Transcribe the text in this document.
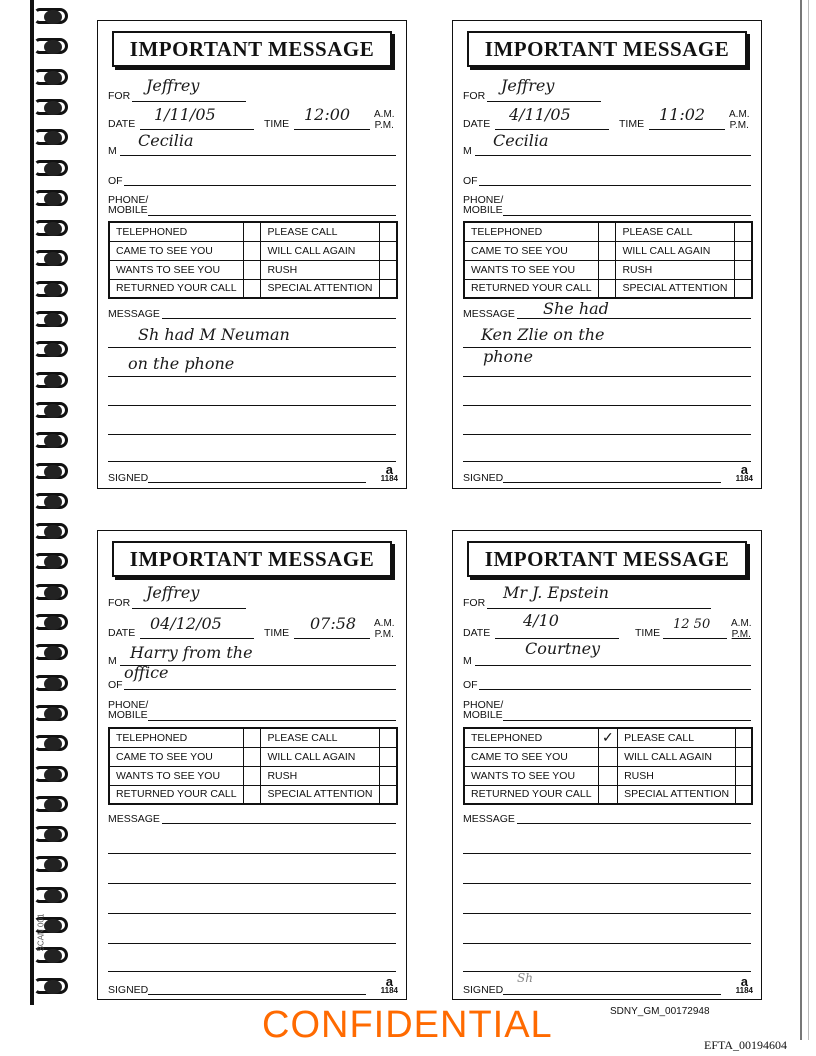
SCAN 001
IMPORTANT MESSAGE
FOR
Jeffrey
DATE 1/11/05	TIME 12:00 A.M.
P.M.
M
Cecilia
OF
PHONE/
MOBILE
TELEPHONED		PLEASE CALL	
CAME TO SEE YOU		WILL CALL AGAIN	
WANTS TO SEE YOU		RUSH	
RETURNED YOUR CALL		SPECIAL ATTENTION	
MESSAGE
Sh had M Neuman
on the phone
SIGNED
a
1184
IMPORTANT MESSAGE
FOR
Jeffrey
DATE 4/11/05	TIME 11:02 A.M.
P.M.
M
Cecilia
OF
PHONE/
MOBILE
TELEPHONED		PLEASE CALL	
CAME TO SEE YOU		WILL CALL AGAIN	
WANTS TO SEE YOU		RUSH	
RETURNED YOUR CALL		SPECIAL ATTENTION	
MESSAGE She had
Ken Zlie on the
phone
SIGNED
a
1184
IMPORTANT MESSAGE
FOR
Jeffrey
DATE 04/12/05	TIME 07:58 A.M.
P.M.
M Harry from the
OF
office
PHONE/
MOBILE
TELEPHONED		PLEASE CALL	
CAME TO SEE YOU		WILL CALL AGAIN	
WANTS TO SEE YOU		RUSH	
RETURNED YOUR CALL		SPECIAL ATTENTION	
MESSAGE
SIGNED
a
1184
IMPORTANT MESSAGE
FOR
Mr J. Epstein
DATE
4/10
TIME
12 50 A.M.
P.M.
M
Courtney
OF
PHONE/
MOBILE
TELEPHONED	✓	PLEASE CALL	
CAME TO SEE YOU		WILL CALL AGAIN	
WANTS TO SEE YOU		RUSH	
RETURNED YOUR CALL		SPECIAL ATTENTION	
MESSAGE
SIGNED
Sh	a
1184
CONFIDENTIAL	SDNY_GM_00172948
EFTA_00194604
